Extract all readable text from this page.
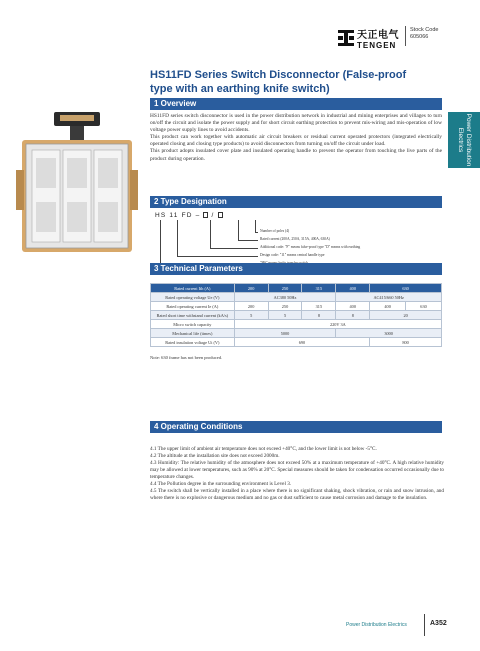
天正电气
TENGEN
Stock Code
605066
HS11FD Series Switch Disconnector (False-proof
type with an earthing knife switch)
Power Distribution
Electrics
1 Overview

HS11FD series switch disconnector is used in the power distribution network in industrial and mining enterprises and villages to turn on/off the circuit and isolate the power supply and for short circuit earthing protection to prevent mis-wiring and mis-operation of low voltage power supply lines to avoid accidents.

This product can work together with automatic air circuit breakers or residual current operated protectors (integrated electrically operated closing and closing type products) to avoid disconnectors from turning on/off the circuit under load.

This product adopts insulated cover plate and insulated operating handle to prevent the operator from touching the live parts of the product during operation.

2 Type Designation
HS 11 FD –  /
Number of poles (4)
Rated current (200A, 250A, 315A, 400A, 630A)
Additional code: "F" means false-proof type "D" means with earthing
Design code: "11" means central handle type
3 Technical Parameters
Rated current Ith (A)	200	250	315	400	630	
Rated operating voltage Ue (V)	AC380 50Hz			AC415/660 50Hz		
Rated operating current Ie (A)	200	250	315	400	400	630
Rated short time withstand current (kA/s)	5	5	8	8	20	
Micro switch capacity	220V 3A					
Mechanical life (times)	5000			3000		
Rated insulation voltage Ui (V)	690				800	
Note: 630 frame has not been produced.
4 Operating Conditions

4.1 The upper limit of ambient air temperature does not exceed +40°C, and the lower limit is not below -5°C.

4.2 The altitude at the installation site does not exceed 2000m.

4.3 Humidity: The relative humidity of the atmosphere does not exceed 50% at a maximum temperature of +40°C. A high relative humidity may be allowed at lower temperatures, such as 90% at 20°C. Special measures should be taken for condensation occurred occasionally due to temperature changes.

4.4 The Pollution degree in the surrounding environment is Level 3.

4.5 The switch shall be vertically installed in a place where there is no significant shaking, shock vibration, or rain and snow intrusion, and where there is no explosive or dangerous medium and no gas or dust sufficient to cause metal corrosion and damage to the insulation.

Power Distribution Electrics	A352
